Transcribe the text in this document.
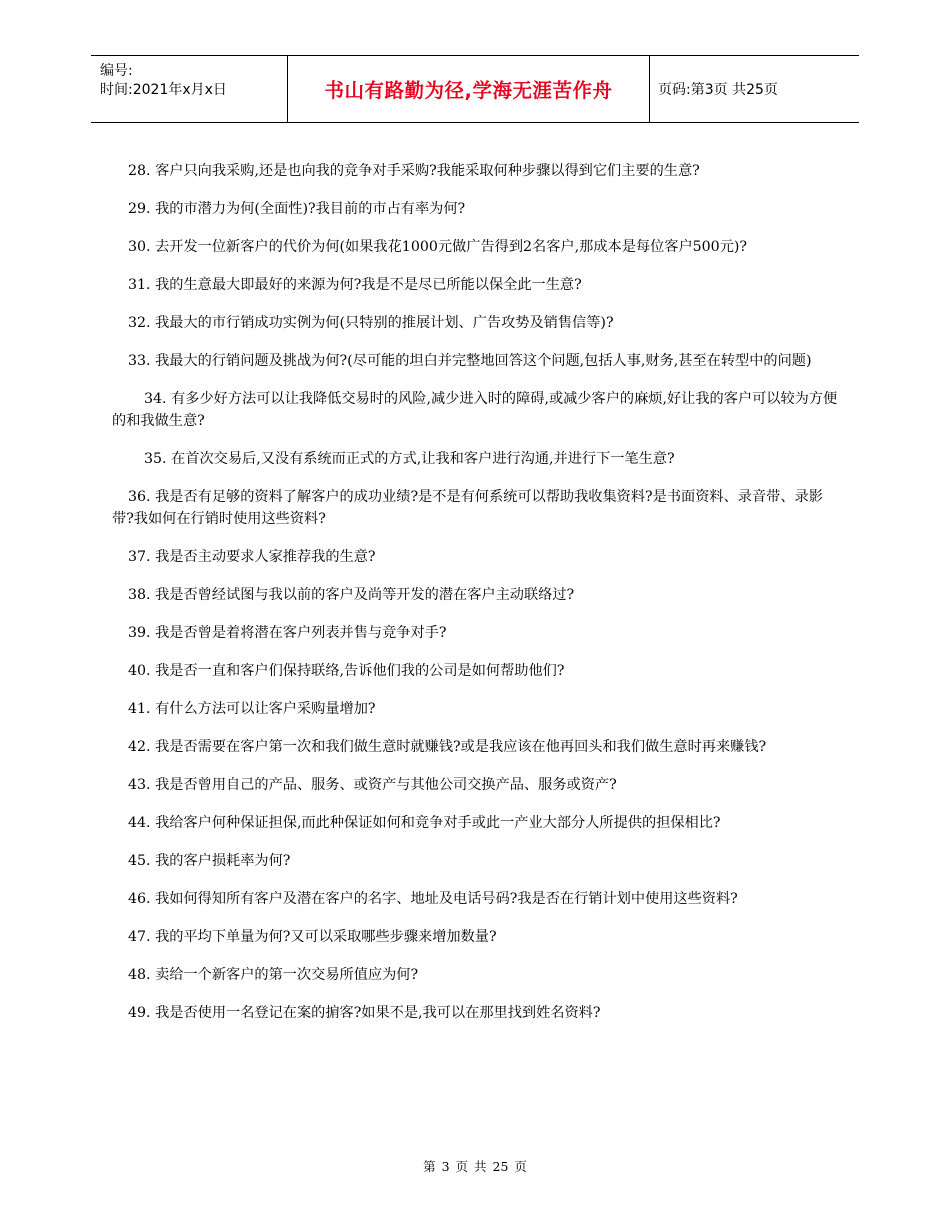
编号:
时间:2021年x月x日	书山有路勤为径,学海无涯苦作舟	页码:第3页 共25页

28. 客户只向我采购,还是也向我的竞争对手采购?我能采取何种步骤以得到它们主要的生意?

29. 我的市潜力为何(全面性)?我目前的市占有率为何?

30. 去开发一位新客户的代价为何(如果我花1000元做广告得到2名客户,那成本是每位客户500元)?

31. 我的生意最大即最好的来源为何?我是不是尽已所能以保全此一生意?

32. 我最大的市行销成功实例为何(只特别的推展计划、广告攻势及销售信等)?

33. 我最大的行销问题及挑战为何?(尽可能的坦白并完整地回答这个问题,包括人事,财务,甚至在转型中的问题)

34. 有多少好方法可以让我降低交易时的风险,减少进入时的障碍,或减少客户的麻烦,好让我的客户可以较为方便的和我做生意?

35. 在首次交易后,又没有系统而正式的方式,让我和客户进行沟通,并进行下一笔生意?

36. 我是否有足够的资料了解客户的成功业绩?是不是有何系统可以帮助我收集资料?是书面资料、录音带、录影带?我如何在行销时使用这些资料?

37. 我是否主动要求人家推荐我的生意?

38. 我是否曾经试图与我以前的客户及尚等开发的潜在客户主动联络过?

39. 我是否曾是着将潜在客户列表并售与竞争对手?

40. 我是否一直和客户们保持联络,告诉他们我的公司是如何帮助他们?

41. 有什么方法可以让客户采购量增加?

42. 我是否需要在客户第一次和我们做生意时就赚钱?或是我应该在他再回头和我们做生意时再来赚钱?

43. 我是否曾用自己的产品、服务、或资产与其他公司交换产品、服务或资产?

44. 我给客户何种保证担保,而此种保证如何和竞争对手或此一产业大部分人所提供的担保相比?

45. 我的客户损耗率为何?

46. 我如何得知所有客户及潜在客户的名字、地址及电话号码?我是否在行销计划中使用这些资料?

47. 我的平均下单量为何?又可以采取哪些步骤来增加数量?

48. 卖给一个新客户的第一次交易所值应为何?

49. 我是否使用一名登记在案的掮客?如果不是,我可以在那里找到姓名资料?

第 3 页 共 25 页
